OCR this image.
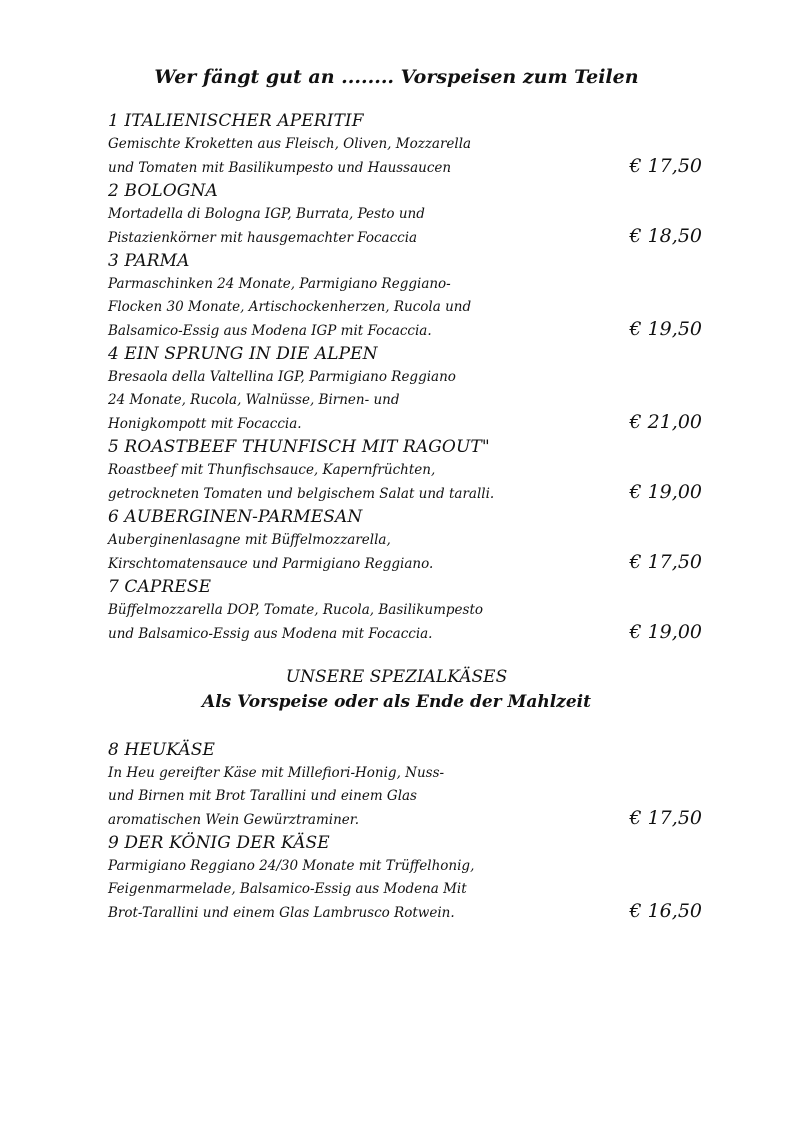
Wer fängt gut an ........ Vorspeisen zum Teilen
1 ITALIENISCHER APERITIF
Gemischte Kroketten aus Fleisch, Oliven, Mozzarella
und Tomaten mit Basilikumpesto und Haussaucen	€ 17,50
2 BOLOGNA
Mortadella di Bologna IGP, Burrata, Pesto und
Pistazienkörner mit hausgemachter Focaccia	€ 18,50
3 PARMA
Parmaschinken 24 Monate, Parmigiano Reggiano-
Flocken 30 Monate, Artischockenherzen, Rucola und
Balsamico-Essig aus Modena IGP mit Focaccia.	€ 19,50
4 EIN SPRUNG IN DIE ALPEN
Bresaola della Valtellina IGP, Parmigiano Reggiano
24 Monate, Rucola, Walnüsse, Birnen- und
Honigkompott mit Focaccia.	€ 21,00
5 ROASTBEEF THUNFISCH MIT RAGOUT"
Roastbeef mit Thunfischsauce, Kapernfrüchten,
getrockneten Tomaten und belgischem Salat und taralli.	€ 19,00
6 AUBERGINEN-PARMESAN
Auberginenlasagne mit Büffelmozzarella,
Kirschtomatensauce und Parmigiano Reggiano.	€ 17,50
7 CAPRESE
Büffelmozzarella DOP, Tomate, Rucola, Basilikumpesto
und Balsamico-Essig aus Modena mit Focaccia.	€ 19,00
UNSERE SPEZIALKÄSES
Als Vorspeise oder als Ende der Mahlzeit
8 HEUKÄSE
In Heu gereifter Käse mit Millefiori-Honig, Nuss-
und Birnen mit Brot Tarallini und einem Glas
aromatischen Wein Gewürztraminer.	€ 17,50
9 DER KÖNIG DER KÄSE
Parmigiano Reggiano 24/30 Monate mit Trüffelhonig,
Feigenmarmelade, Balsamico-Essig aus Modena Mit
Brot-Tarallini und einem Glas Lambrusco Rotwein.	€ 16,50
